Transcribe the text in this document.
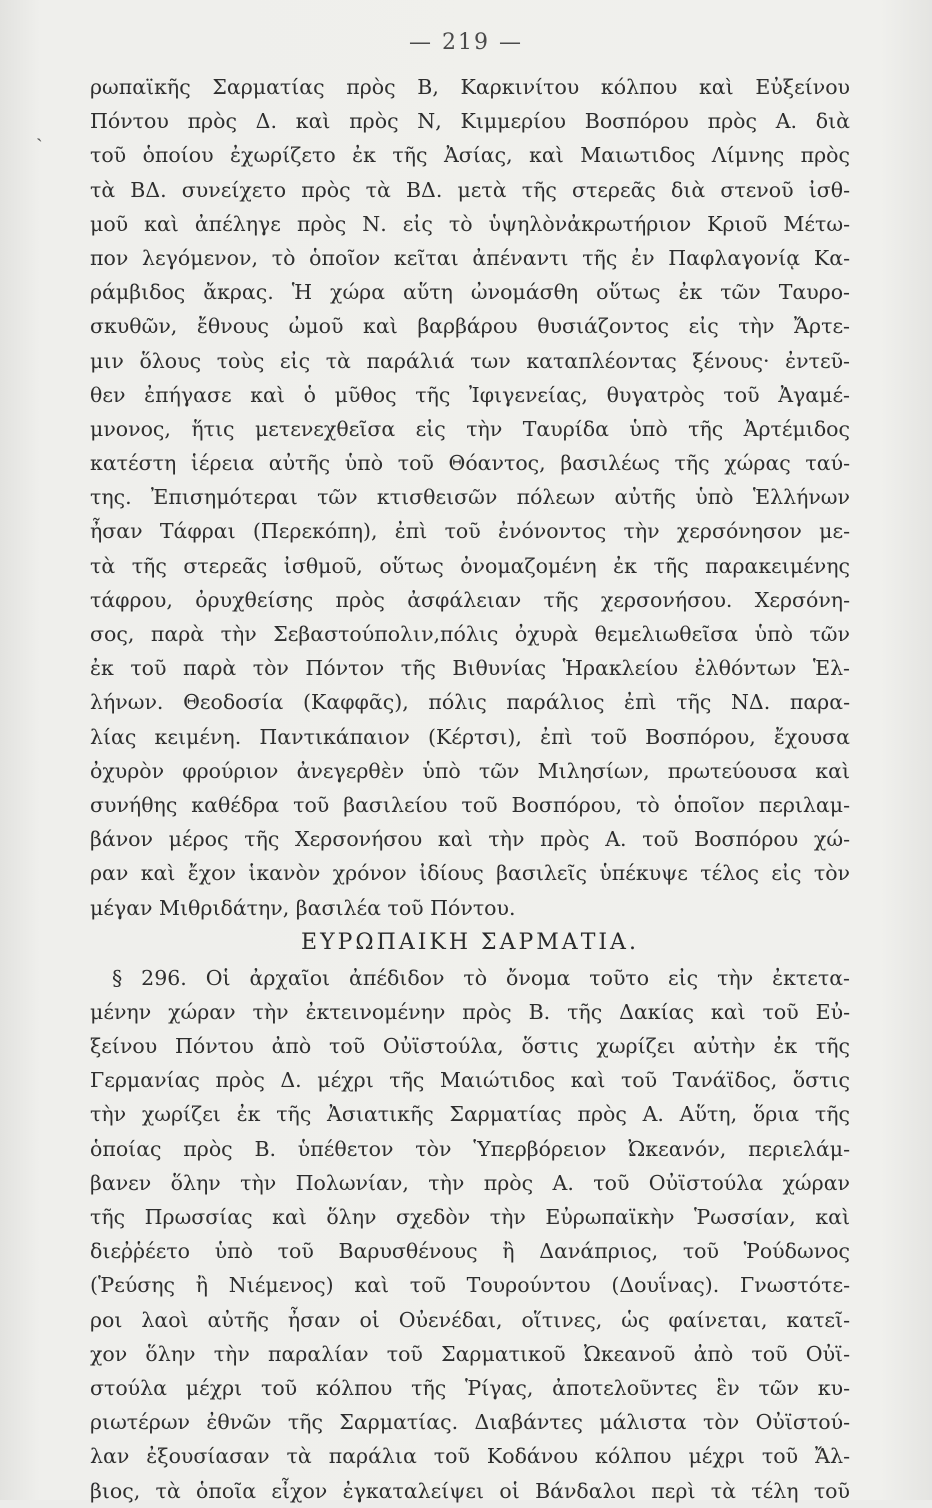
— 219 —
ˏ
ρωπαϊκῆς Σαρματίας πρὸς Β, Καρκινίτου κόλπου καὶ Εὐξείνου
Πόντου πρὸς Δ. καὶ πρὸς Ν, Κιμμερίου Βοσπόρου πρὸς Α. διὰ
τοῦ ὁποίου ἐχωρίζετο ἐκ τῆς Ἀσίας, καὶ Μαιωτιδος Λίμνης πρὸς
τὰ ΒΔ. συνείχετο πρὸς τὰ ΒΔ. μετὰ τῆς στερεᾶς διὰ στενοῦ ἰσθ-
μοῦ καὶ ἀπέληγε πρὸς Ν. εἰς τὸ ὑψηλὸνἀκρωτήριον Κριοῦ Μέτω-
πον λεγόμενον, τὸ ὁποῖον κεῖται ἀπέναντι τῆς ἐν Παφλαγονίᾳ Κα-
ράμβιδος ἄκρας. Ἡ χώρα αὕτη ὠνομάσθη οὕτως ἐκ τῶν Ταυρο-
σκυθῶν, ἔθνους ὠμοῦ καὶ βαρβάρου θυσιάζοντος εἰς τὴν Ἄρτε-
μιν ὅλους τοὺς εἰς τὰ παράλιά των καταπλέοντας ξένους· ἐντεῦ-
θεν ἐπήγασε καὶ ὁ μῦθος τῆς Ἰφιγενείας, θυγατρὸς τοῦ Ἀγαμέ-
μνονος, ἥτις μετενεχθεῖσα εἰς τὴν Ταυρίδα ὑπὸ τῆς Ἀρτέμιδος
κατέστη ἱέρεια αὐτῆς ὑπὸ τοῦ Θόαντος, βασιλέως τῆς χώρας ταύ-
της. Ἐπισημότεραι τῶν κτισθεισῶν πόλεων αὐτῆς ὑπὸ Ἑλλήνων
ἦσαν Τάφραι (Περεκόπη), ἐπὶ τοῦ ἐνόνοντος τὴν χερσόνησον με-
τὰ τῆς στερεᾶς ἰσθμοῦ, οὕτως ὀνομαζομένη ἐκ τῆς παρακειμένης
τάφρου, ὀρυχθείσης πρὸς ἀσφάλειαν τῆς χερσονήσου. Χερσόνη-
σος, παρὰ τὴν Σεβαστούπολιν,πόλις ὀχυρὰ θεμελιωθεῖσα ὑπὸ τῶν
ἐκ τοῦ παρὰ τὸν Πόντον τῆς Βιθυνίας Ἡρακλείου ἐλθόντων Ἑλ-
λήνων. Θεοδοσία (Καφφᾶς), πόλις παράλιος ἐπὶ τῆς ΝΔ. παρα-
λίας κειμένη. Παντικάπαιον (Κέρτσι), ἐπὶ τοῦ Βοσπόρου, ἔχουσα
ὀχυρὸν φρούριον ἀνεγερθὲν ὑπὸ τῶν Μιλησίων, πρωτεύουσα καὶ
συνήθης καθέδρα τοῦ βασιλείου τοῦ Βοσπόρου, τὸ ὁποῖον περιλαμ-
βάνον μέρος τῆς Χερσονήσου καὶ τὴν πρὸς Α. τοῦ Βοσπόρου χώ-
ραν καὶ ἔχον ἱκανὸν χρόνον ἰδίους βασιλεῖς ὑπέκυψε τέλος εἰς τὸν
μέγαν Μιθριδάτην, βασιλέα τοῦ Πόντου.
ΕΥΡΩΠΑΙΚΗ ΣΑΡΜΑΤΙΑ.
§ 296. Οἱ ἀρχαῖοι ἀπέδιδον τὸ ὄνομα τοῦτο εἰς τὴν ἐκτετα-
μένην χώραν τὴν ἐκτεινομένην πρὸς Β. τῆς Δακίας καὶ τοῦ Εὐ-
ξείνου Πόντου ἀπὸ τοῦ Οὐϊστούλα, ὅστις χωρίζει αὐτὴν ἐκ τῆς
Γερμανίας πρὸς Δ. μέχρι τῆς Μαιώτιδος καὶ τοῦ Τανάϊδος, ὅστις
τὴν χωρίζει ἐκ τῆς Ἀσιατικῆς Σαρματίας πρὸς Α. Αὕτη, ὅρια τῆς
ὁποίας πρὸς Β. ὑπέθετον τὸν Ὑπερβόρειον Ὠκεανόν, περιελάμ-
βανεν ὅλην τὴν Πολωνίαν, τὴν πρὸς Α. τοῦ Οὐϊστούλα χώραν
τῆς Πρωσσίας καὶ ὅλην σχεδὸν τὴν Εὐρωπαϊκὴν Ῥωσσίαν, καὶ
διεῤῥέετο ὑπὸ τοῦ Βαρυσθένους ἢ Δανάπριος, τοῦ Ῥούδωνος
(Ῥεύσης ἢ Νιέμενος) καὶ τοῦ Τουρούντου (Δουΐνας). Γνωστότε-
ροι λαοὶ αὐτῆς ἦσαν οἱ Οὐενέδαι, οἵτινες, ὡς φαίνεται, κατεῖ-
χον ὅλην τὴν παραλίαν τοῦ Σαρματικοῦ Ὠκεανοῦ ἀπὸ τοῦ Οὐϊ-
στούλα μέχρι τοῦ κόλπου τῆς Ῥίγας, ἀποτελοῦντες ἓν τῶν κυ-
ριωτέρων ἐθνῶν τῆς Σαρματίας. Διαβάντες μάλιστα τὸν Οὐϊστού-
λαν ἐξουσίασαν τὰ παράλια τοῦ Κοδάνου κόλπου μέχρι τοῦ Ἄλ-
βιος, τὰ ὁποῖα εἶχον ἐγκαταλείψει οἱ Βάνδαλοι περὶ τὰ τέλη τοῦ
